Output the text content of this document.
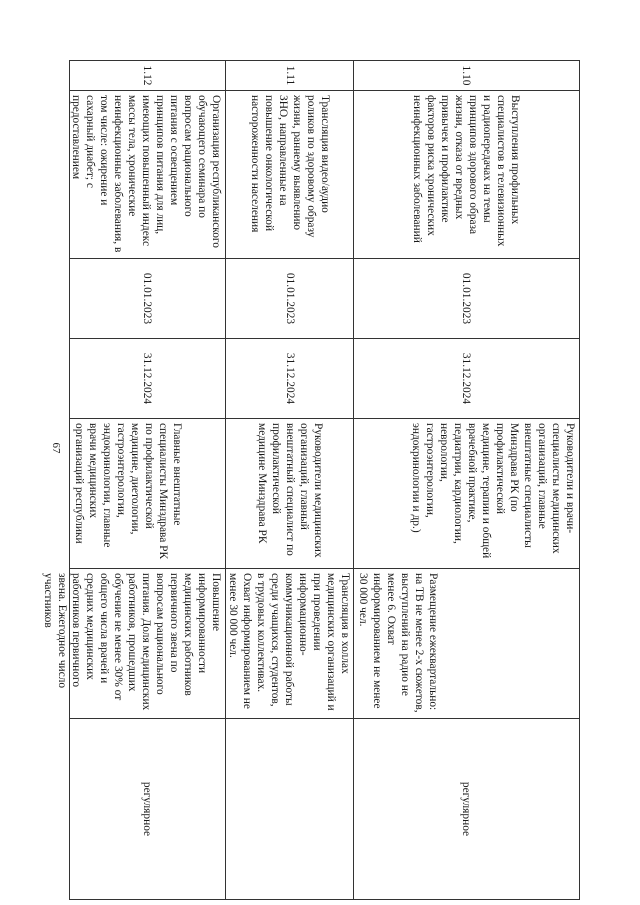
67
1.10
Выступления профильных специалистов в телевизионных и радиопередачах на темы принципов здорового образа жизни, отказа от вредных привычек и профилактике факторов риска хронических неинфекционных заболеваний
01.01.2023
31.12.2024
Руководители и врачи-специалисты медицинских организаций, главные внештатные специалисты Минздрава РК (по профилактической медицине, терапии и общей врачебной практике, педиатрии, кардиологии, неврологии, гастроэнтерологии, эндокринологии и др.)
Размещение ежеквартально: на ТВ не менее 2-х сюжетов, выступлений на радио не менее 6. Охват информированием не менее 30 000 чел.
регулярное
1.11
Трансляция видео/аудио роликов по здоровому образу жизни, раннему выявлению ЗНО, направленные на повышение онкологической настороженности населения
01.01.2023
31.12.2024
Руководители медицинских организаций, главный внештатный специалист по профилактической медицине Минздрава РК
Трансляция в холлах медицинских организаций и при проведении информационно-коммуникационной работы среди учащихся, студентов, в трудовых коллективах. Охват информированием не менее 30 000 чел.
1.12
Организация республиканского обучающего семинара по вопросам рационального питания с освещением принципов питания для лиц, имеющих повышенный индекс массы тела, хронические неинфекционные заболевания, в том числе: ожирение и сахарный диабет; с предоставлением
01.01.2023
31.12.2024
Главные внештатные специалисты Минздрава РК по профилактической медицине, диетологии, гастроэнтерологии, эндокринологии, главные врачи медицинских организаций республики
Повышение информированности медицинских работников первичного звена по вопросам рационального питания. Доля медицинских работников, прошедших обучение не менее 30% от общего числа врачей и средних медицинских работников первичного звена. Ежегодное число участников
регулярное
